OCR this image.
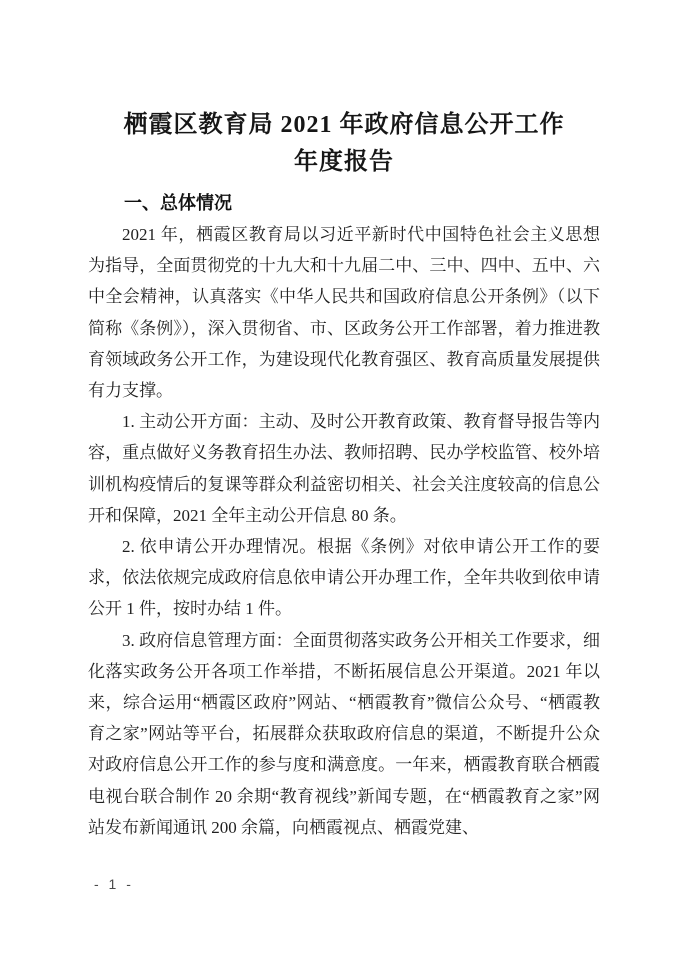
栖霞区教育局 2021 年政府信息公开工作
年度报告
一、总体情况

2021 年，栖霞区教育局以习近平新时代中国特色社会主义思想为指导，全面贯彻党的十九大和十九届二中、三中、四中、五中、六中全会精神，认真落实《中华人民共和国政府信息公开条例》（以下简称《条例》），深入贯彻省、市、区政务公开工作部署，着力推进教育领域政务公开工作，为建设现代化教育强区、教育高质量发展提供有力支撑。

1. 主动公开方面：主动、及时公开教育政策、教育督导报告等内容，重点做好义务教育招生办法、教师招聘、民办学校监管、校外培训机构疫情后的复课等群众利益密切相关、社会关注度较高的信息公开和保障，2021 全年主动公开信息 80 条。

2. 依申请公开办理情况。根据《条例》对依申请公开工作的要求，依法依规完成政府信息依申请公开办理工作，全年共收到依申请公开 1 件，按时办结 1 件。

3. 政府信息管理方面：全面贯彻落实政务公开相关工作要求，细化落实政务公开各项工作举措，不断拓展信息公开渠道。2021 年以来，综合运用“栖霞区政府”网站、“栖霞教育”微信公众号、“栖霞教育之家”网站等平台，拓展群众获取政府信息的渠道，不断提升公众对政府信息公开工作的参与度和满意度。一年来，栖霞教育联合栖霞电视台联合制作 20 余期“教育视线”新闻专题，在“栖霞教育之家”网站发布新闻通讯 200 余篇，向栖霞视点、栖霞党建、

- 1 -
